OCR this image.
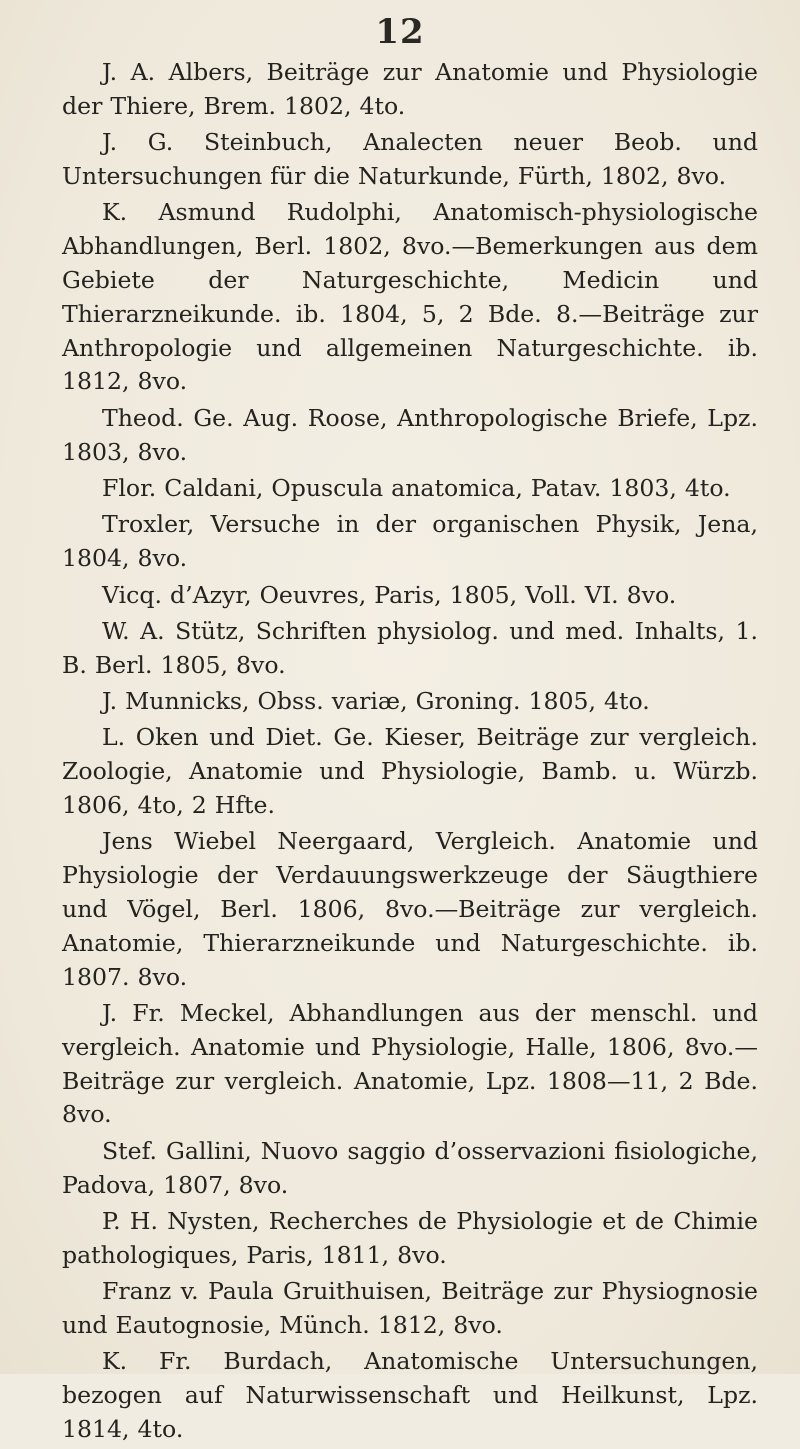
12

J. A. Albers, Beiträge zur Anatomie und Physiologie der Thiere, Brem. 1802, 4to.

J. G. Steinbuch, Analecten neuer Beob. und Untersuchungen für die Naturkunde, Fürth, 1802, 8vo.

K. Asmund Rudolphi, Anatomisch-physiologische Abhandlungen, Berl. 1802, 8vo.—Bemerkungen aus dem Gebiete der Naturgeschichte, Medicin und Thierarzneikunde. ib. 1804, 5, 2 Bde. 8.—Beiträge zur Anthropologie und allgemeinen Naturgeschichte. ib. 1812, 8vo.

Theod. Ge. Aug. Roose, Anthropologische Briefe, Lpz. 1803, 8vo.

Flor. Caldani, Opuscula anatomica, Patav. 1803, 4to.

Troxler, Versuche in der organischen Physik, Jena, 1804, 8vo.

Vicq. d’Azyr, Oeuvres, Paris, 1805, Voll. VI. 8vo.

W. A. Stütz, Schriften physiolog. und med. Inhalts, 1. B. Berl. 1805, 8vo.

J. Munnicks, Obss. variæ, Groning. 1805, 4to.

L. Oken und Diet. Ge. Kieser, Beiträge zur vergleich. Zoologie, Anatomie und Physiologie, Bamb. u. Würzb. 1806, 4to, 2 Hfte.

Jens Wiebel Neergaard, Vergleich. Anatomie und Physiologie der Verdauungswerkzeuge der Säugthiere und Vögel, Berl. 1806, 8vo.—Beiträge zur vergleich. Anatomie, Thierarzneikunde und Naturgeschichte. ib. 1807. 8vo.

J. Fr. Meckel, Abhandlungen aus der menschl. und vergleich. Anatomie und Physiologie, Halle, 1806, 8vo.—Beiträge zur vergleich. Anatomie, Lpz. 1808—11, 2 Bde. 8vo.

Stef. Gallini, Nuovo saggio d’osservazioni fisiologiche, Padova, 1807, 8vo.

P. H. Nysten, Recherches de Physiologie et de Chimie pathologiques, Paris, 1811, 8vo.

Franz v. Paula Gruithuisen, Beiträge zur Physiognosie und Eautognosie, Münch. 1812, 8vo.

K. Fr. Burdach, Anatomische Untersuchungen, bezogen auf Naturwissenschaft und Heilkunst, Lpz. 1814, 4to.
